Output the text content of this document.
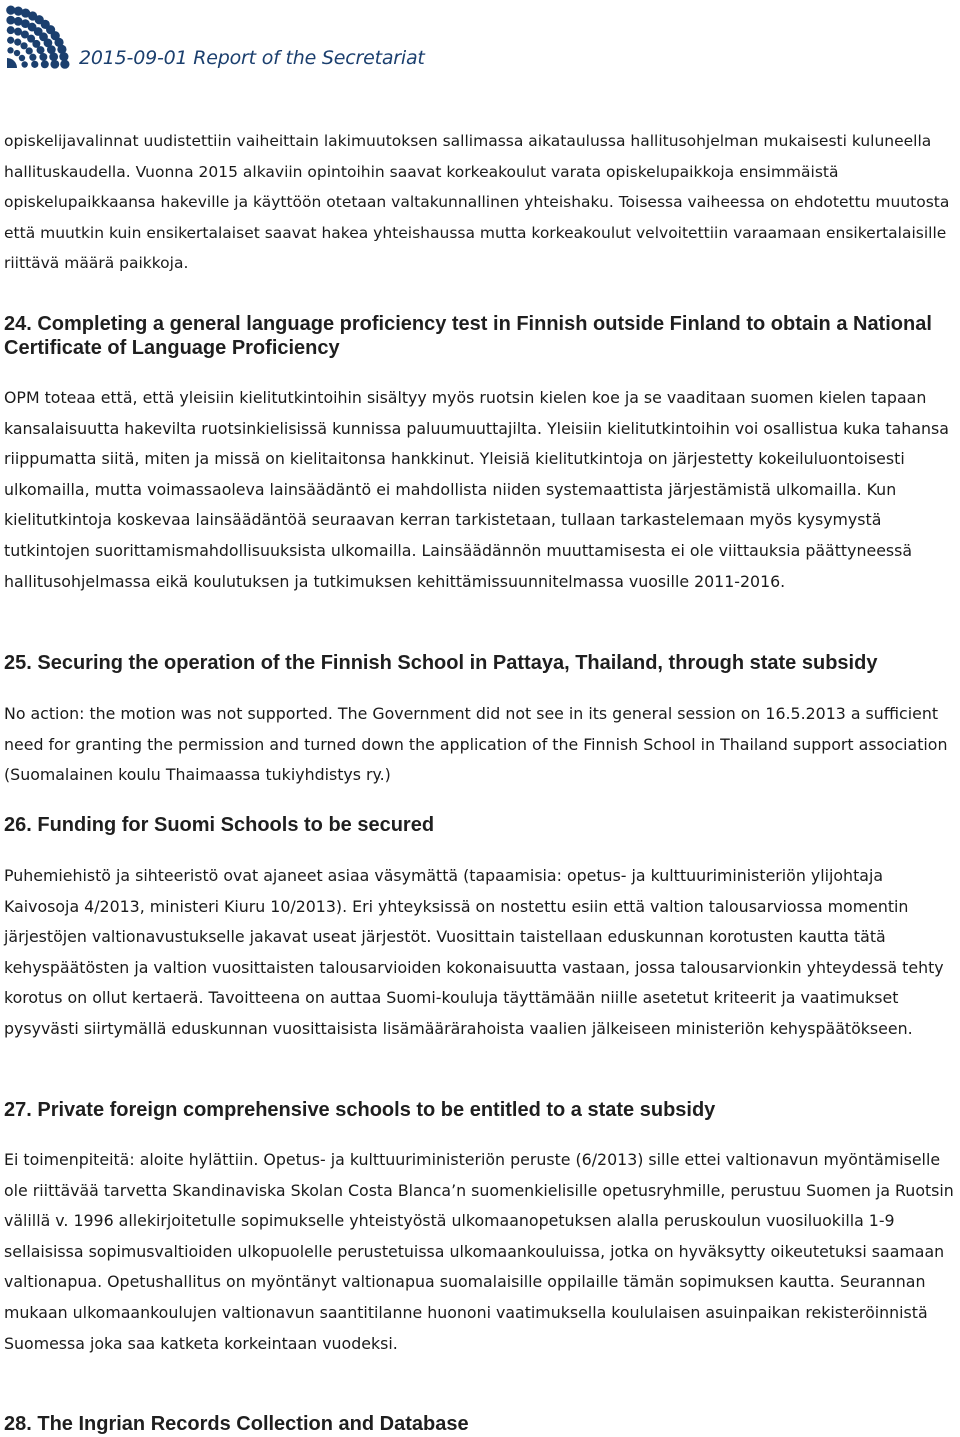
2015-09-01 Report of the Secretariat

opiskelijavalinnat uudistettiin vaiheittain lakimuutoksen sallimassa aikataulussa hallitusohjelman mukaisesti kuluneella hallituskaudella. Vuonna 2015 alkaviin opintoihin saavat korkeakoulut varata opiskelupaikkoja ensimmäistä opiskelupaikkaansa hakeville ja käyttöön otetaan valtakunnallinen yhteishaku. Toisessa vaiheessa on ehdotettu muutosta että muutkin kuin ensikertalaiset saavat hakea yhteishaussa mutta korkeakoulut velvoitettiin varaamaan ensikertalaisille riittävä määrä paikkoja.

24. Completing a general language proficiency test in Finnish outside Finland to obtain a National Certificate of Language Proficiency

OPM toteaa että, että yleisiin kielitutkintoihin sisältyy myös ruotsin kielen koe ja se vaaditaan suomen kielen tapaan kansalaisuutta hakevilta ruotsinkielisissä kunnissa paluumuuttajilta. Yleisiin kielitutkintoihin voi osallistua kuka tahansa riippumatta siitä, miten ja missä on kielitaitonsa hankkinut. Yleisiä kielitutkintoja on järjestetty kokeiluluontoisesti ulkomailla, mutta voimassaoleva lainsäädäntö ei mahdollista niiden systemaattista järjestämistä ulkomailla. Kun kielitutkintoja koskevaa lainsäädäntöä seuraavan kerran tarkistetaan, tullaan tarkastelemaan myös kysymystä tutkintojen suorittamismahdollisuuksista ulkomailla. Lainsäädännön muuttamisesta ei ole viittauksia päättyneessä hallitusohjelmassa eikä koulutuksen ja tutkimuksen kehittämissuunnitelmassa vuosille 2011-2016.

25. Securing the operation of the Finnish School in Pattaya, Thailand, through state subsidy

No action: the motion was not supported. The Government did not see in its general session on 16.5.2013 a sufficient need for granting the permission and turned down the application of the Finnish School in Thailand support association (Suomalainen koulu Thaimaassa tukiyhdistys ry.)

26. Funding for Suomi Schools to be secured

Puhemiehistö ja sihteeristö ovat ajaneet asiaa väsymättä (tapaamisia: opetus- ja kulttuuriministeriön ylijohtaja Kaivosoja 4/2013, ministeri Kiuru 10/2013). Eri yhteyksissä on nostettu esiin että valtion talousarviossa momentin järjestöjen valtionavustukselle jakavat useat järjestöt. Vuosittain taistellaan eduskunnan korotusten kautta tätä kehyspäätösten ja valtion vuosittaisten talousarvioiden kokonaisuutta vastaan, jossa talousarvionkin yhteydessä tehty korotus on ollut kertaerä. Tavoitteena on auttaa Suomi-kouluja täyttämään niille asetetut kriteerit ja vaatimukset pysyvästi siirtymällä eduskunnan vuosittaisista lisämäärärahoista vaalien jälkeiseen ministeriön kehyspäätökseen.

27. Private foreign comprehensive schools to be entitled to a state subsidy

Ei toimenpiteitä: aloite hylättiin. Opetus- ja kulttuuriministeriön peruste (6/2013) sille ettei valtionavun myöntämiselle ole riittävää tarvetta Skandinaviska Skolan Costa Blanca’n suomenkielisille opetusryhmille, perustuu Suomen ja Ruotsin välillä v. 1996 allekirjoitetulle sopimukselle yhteistyöstä ulkomaanopetuksen alalla peruskoulun vuosiluokilla 1-9 sellaisissa sopimusvaltioiden ulkopuolelle perustetuissa ulkomaankouluissa, jotka on hyväksytty oikeutetuksi saamaan valtionapua. Opetushallitus on myöntänyt valtionapua suomalaisille oppilaille tämän sopimuksen kautta. Seurannan mukaan ulkomaankoulujen valtionavun saantitilanne huononi vaatimuksella koululaisen asuinpaikan rekisteröinnistä Suomessa joka saa katketa korkeintaan vuodeksi.

28. The Ingrian Records Collection and Database
